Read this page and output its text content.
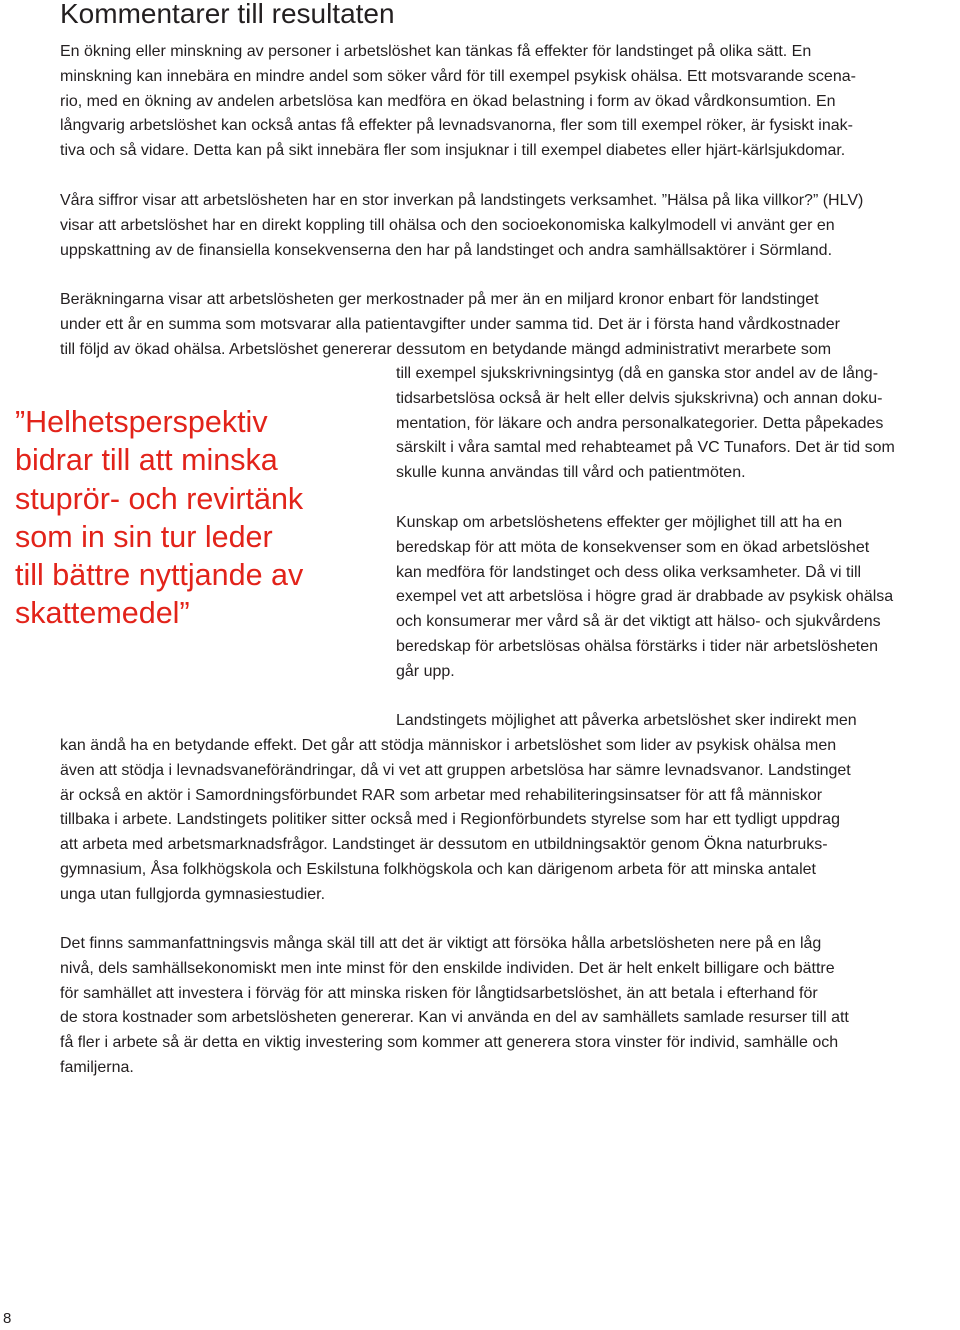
Kommentarer till resultaten
En ökning eller minskning av personer i arbetslöshet kan tänkas få effekter för landstinget på olika sätt. En
minskning kan innebära en mindre andel som söker vård för till exempel psykisk ohälsa. Ett motsvarande scena-
rio, med en ökning av andelen arbetslösa kan medföra en ökad belastning i form av ökad vårdkonsumtion. En
långvarig arbetslöshet kan också antas få effekter på levnadsvanorna, fler som till exempel röker, är fysiskt inak-
tiva och så vidare. Detta kan på sikt innebära fler som insjuknar i till exempel diabetes eller hjärt-kärlsjukdomar.
Våra siffror visar att arbetslösheten har en stor inverkan på landstingets verksamhet. ”Hälsa på lika villkor?” (HLV)
visar att arbetslöshet har en direkt koppling till ohälsa och den socioekonomiska kalkylmodell vi använt ger en
uppskattning av de finansiella konsekvenserna den har på landstinget och andra samhällsaktörer i Sörmland.
Beräkningarna visar att arbetslösheten ger merkostnader på mer än en miljard kronor enbart för landstinget
under ett år en summa som motsvarar alla patientavgifter under samma tid. Det är i första hand vårdkostnader
till följd av ökad ohälsa. Arbetslöshet genererar dessutom en betydande mängd administrativt merarbete som
till exempel sjukskrivningsintyg (då en ganska stor andel av de lång-
tidsarbetslösa också är helt eller delvis sjukskrivna) och annan doku-
mentation, för läkare och andra personalkategorier. Detta påpekades
särskilt i våra samtal med rehabteamet på VC Tunafors. Det är tid som
skulle kunna användas till vård och patientmöten.
Kunskap om arbetslöshetens effekter ger möjlighet till att ha en
beredskap för att möta de konsekvenser som en ökad arbetslöshet
kan medföra för landstinget och dess olika verksamheter. Då vi till
exempel vet att arbetslösa i högre grad är drabbade av psykisk ohälsa
och konsumerar mer vård så är det viktigt att hälso- och sjukvårdens
beredskap för arbetslösas ohälsa förstärks i tider när arbetslösheten
går upp.
Landstingets möjlighet att påverka arbetslöshet sker indirekt men
kan ändå ha en betydande effekt. Det går att stödja människor i arbetslöshet som lider av psykisk ohälsa men
även att stödja i levnadsvaneförändringar, då vi vet att gruppen arbetslösa har sämre levnadsvanor. Landstinget
är också en aktör i Samordningsförbundet RAR som arbetar med rehabiliteringsinsatser för att få människor
tillbaka i arbete. Landstingets politiker sitter också med i Regionförbundets styrelse som har ett tydligt uppdrag
att arbeta med arbetsmarknadsfrågor. Landstinget är dessutom en utbildningsaktör genom Ökna naturbruks-
gymnasium, Åsa folkhögskola och Eskilstuna folkhögskola och kan därigenom arbeta för att minska antalet
unga utan fullgjorda gymnasiestudier.
Det finns sammanfattningsvis många skäl till att det är viktigt att försöka hålla arbetslösheten nere på en låg
nivå, dels samhällsekonomiskt men inte minst för den enskilde individen. Det är helt enkelt billigare och bättre
för samhället att investera i förväg för att minska risken för långtidsarbetslöshet, än att betala i efterhand för
de stora kostnader som arbetslösheten genererar. Kan vi använda en del av samhällets samlade resurser till att
få fler i arbete så är detta en viktig investering som kommer att generera stora vinster för individ, samhälle och
familjerna.
”Helhetsperspektiv
bidrar till att minska
stuprör- och revirtänk
som in sin tur leder
till bättre nyttjande av
skattemedel”
8
